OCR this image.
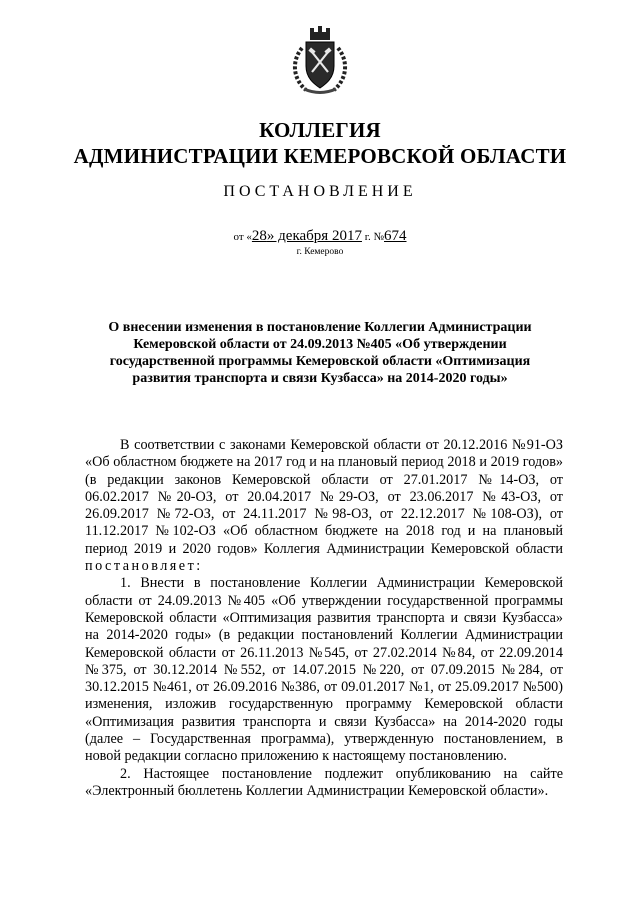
КОЛЛЕГИЯ
АДМИНИСТРАЦИИ КЕМЕРОВСКОЙ ОБЛАСТИ
ПОСТАНОВЛЕНИЕ
от «28» декабря 2017 г. №674
г. Кемерово
О внесении изменения в постановление Коллегии Администрации Кемеровской области от 24.09.2013 №405 «Об утверждении государственной программы Кемеровской области «Оптимизация развития транспорта и связи Кузбасса» на 2014-2020 годы»

В соответствии с законами Кемеровской области от 20.12.2016 №91-ОЗ «Об областном бюджете на 2017 год и на плановый период 2018 и 2019 годов» (в редакции законов Кемеровской области от 27.01.2017 №14-ОЗ, от 06.02.2017 №20-ОЗ, от 20.04.2017 №29-ОЗ, от 23.06.2017 №43-ОЗ, от 26.09.2017 №72-ОЗ, от 24.11.2017 №98-ОЗ, от 22.12.2017 №108-ОЗ), от 11.12.2017 №102-ОЗ «Об областном бюджете на 2018 год и на плановый период 2019 и 2020 годов» Коллегия Администрации Кемеровской области постановляет:

1. Внести в постановление Коллегии Администрации Кемеровской области от 24.09.2013 №405 «Об утверждении государственной программы Кемеровской области «Оптимизация развития транспорта и связи Кузбасса» на 2014-2020 годы» (в редакции постановлений Коллегии Администрации Кемеровской области от 26.11.2013 №545, от 27.02.2014 №84, от 22.09.2014 №375, от 30.12.2014 №552, от 14.07.2015 №220, от 07.09.2015 №284, от 30.12.2015 №461, от 26.09.2016 №386, от 09.01.2017 №1, от 25.09.2017 №500) изменения, изложив государственную программу Кемеровской области «Оптимизация развития транспорта и связи Кузбасса» на 2014-2020 годы (далее – Государственная программа), утвержденную постановлением, в новой редакции согласно приложению к настоящему постановлению.

2. Настоящее постановление подлежит опубликованию на сайте «Электронный бюллетень Коллегии Администрации Кемеровской области».
